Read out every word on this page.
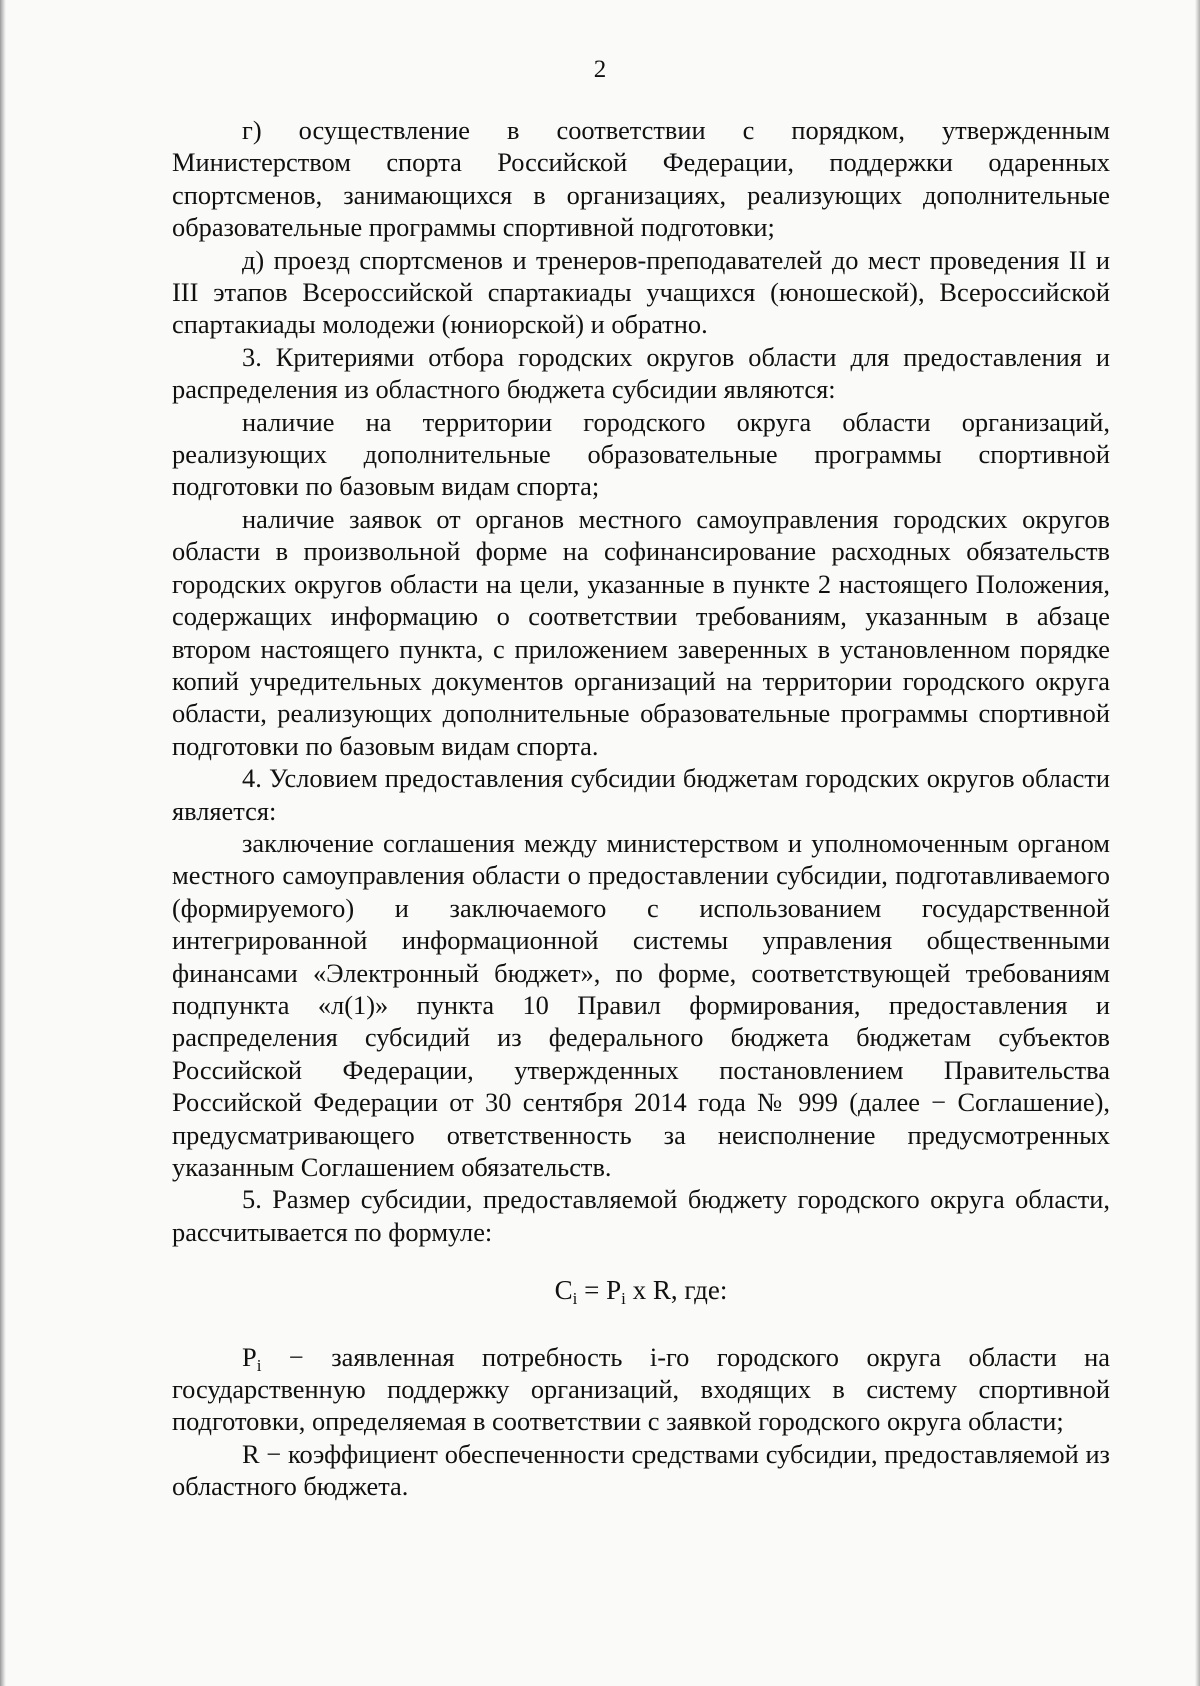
2

г) осуществление в соответствии с порядком, утвержденным Министерством спорта Российской Федерации, поддержки одаренных спортсменов, занимающихся в организациях, реализующих дополнительные образовательные программы спортивной подготовки;

д) проезд спортсменов и тренеров-преподавателей до мест проведения II и III этапов Всероссийской спартакиады учащихся (юношеской), Всероссийской спартакиады молодежи (юниорской) и обратно.

3. Критериями отбора городских округов области для предоставления и распределения из областного бюджета субсидии являются:

наличие на территории городского округа области организаций, реализующих дополнительные образовательные программы спортивной подготовки по базовым видам спорта;

наличие заявок от органов местного самоуправления городских округов области в произвольной форме на софинансирование расходных обязательств городских округов области на цели, указанные в пункте 2 настоящего Положения, содержащих информацию о соответствии требованиям, указанным в абзаце втором настоящего пункта, с приложением заверенных в установленном порядке копий учредительных документов организаций на территории городского округа области, реализующих дополнительные образовательные программы спортивной подготовки по базовым видам спорта.

4. Условием предоставления субсидии бюджетам городских округов области является:

заключение соглашения между министерством и уполномоченным органом местного самоуправления области о предоставлении субсидии, подготавливаемого (формируемого) и заключаемого с использованием государственной интегрированной информационной системы управления общественными финансами «Электронный бюджет», по форме, соответствующей требованиям подпункта «л(1)» пункта 10 Правил формирования, предоставления и распределения субсидий из федерального бюджета бюджетам субъектов Российской Федерации, утвержденных постановлением Правительства Российской Федерации от 30 сентября 2014 года № 999 (далее − Соглашение), предусматривающего ответственность за неисполнение предусмотренных указанным Соглашением обязательств.

5. Размер субсидии, предоставляемой бюджету городского округа области, рассчитывается по формуле:

$C_i = P_i$ x R, где:

$P_i$ − заявленная потребность i-го городского округа области на государственную поддержку организаций, входящих в систему спортивной подготовки, определяемая в соответствии с заявкой городского округа области;

R − коэффициент обеспеченности средствами субсидии, предоставляемой из областного бюджета.
